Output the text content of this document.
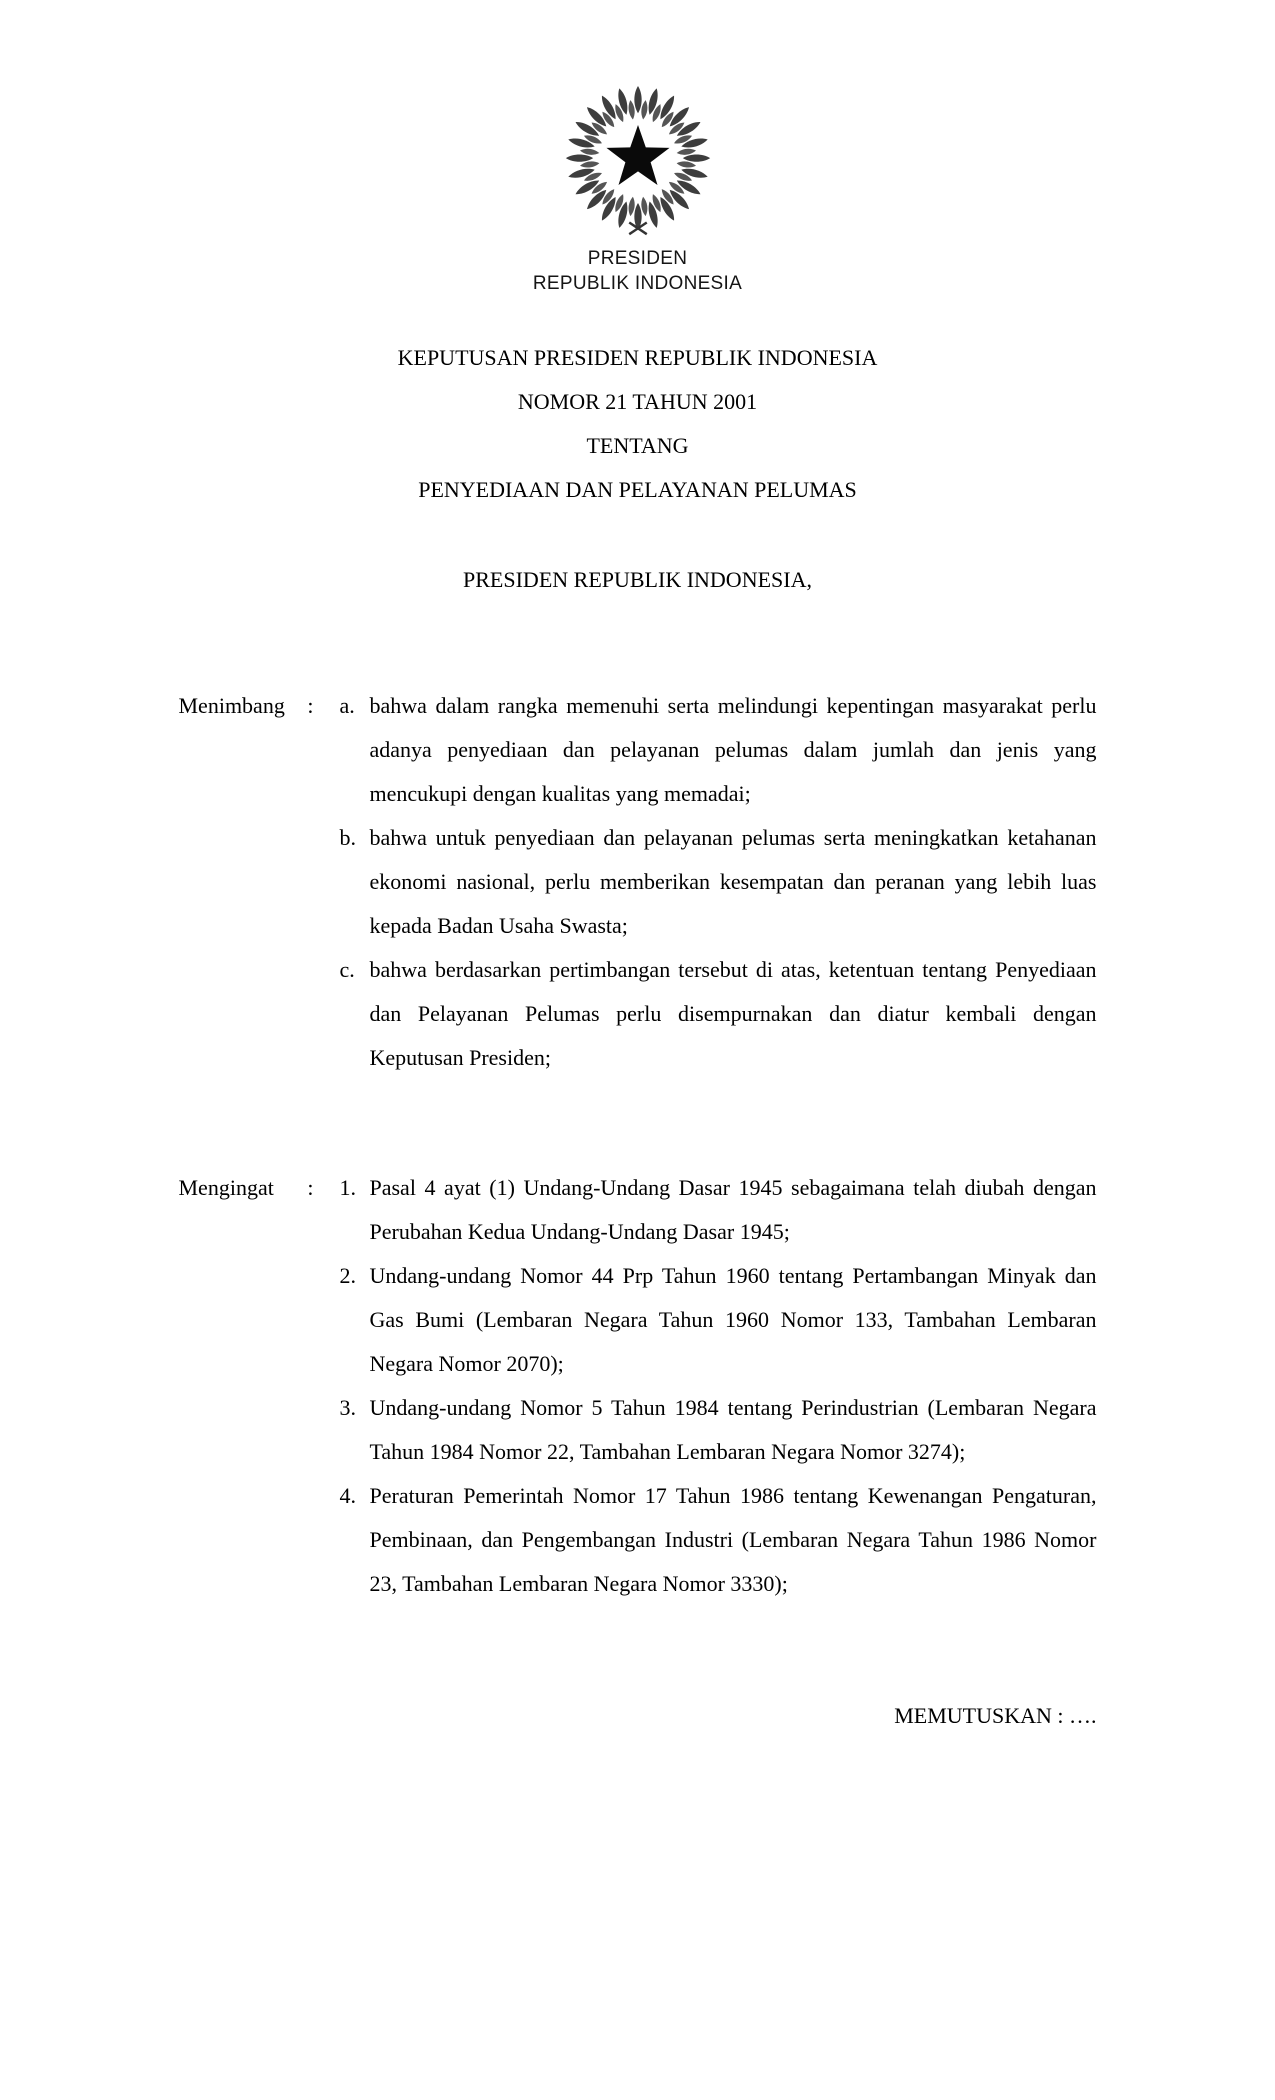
PRESIDEN
REPUBLIK INDONESIA
KEPUTUSAN PRESIDEN REPUBLIK INDONESIA
NOMOR 21 TAHUN 2001
TENTANG
PENYEDIAAN DAN PELAYANAN PELUMAS
PRESIDEN REPUBLIK INDONESIA,
Menimbang : a. bahwa dalam rangka memenuhi serta melindungi kepentingan masyarakat perlu adanya penyediaan dan pelayanan pelumas dalam jumlah dan jenis yang mencukupi dengan kualitas yang memadai;
b. bahwa untuk penyediaan dan pelayanan pelumas serta meningkatkan ketahanan ekonomi nasional, perlu memberikan kesempatan dan peranan yang lebih luas kepada Badan Usaha Swasta;
c. bahwa berdasarkan pertimbangan tersebut di atas, ketentuan tentang Penyediaan dan Pelayanan Pelumas perlu disempurnakan dan diatur kembali dengan Keputusan Presiden;
Mengingat : 1. Pasal 4 ayat (1) Undang-Undang Dasar 1945 sebagaimana telah diubah dengan Perubahan Kedua Undang-Undang Dasar 1945;
2. Undang-undang Nomor 44 Prp Tahun 1960 tentang Pertambangan Minyak dan Gas Bumi (Lembaran Negara Tahun 1960 Nomor 133, Tambahan Lembaran Negara Nomor 2070);
3. Undang-undang Nomor 5 Tahun 1984 tentang Perindustrian (Lembaran Negara Tahun 1984 Nomor 22, Tambahan Lembaran Negara Nomor 3274);
4. Peraturan Pemerintah Nomor 17 Tahun 1986 tentang Kewenangan Pengaturan, Pembinaan, dan Pengembangan Industri (Lembaran Negara Tahun 1986 Nomor 23, Tambahan Lembaran Negara Nomor 3330);
MEMUTUSKAN : ….
